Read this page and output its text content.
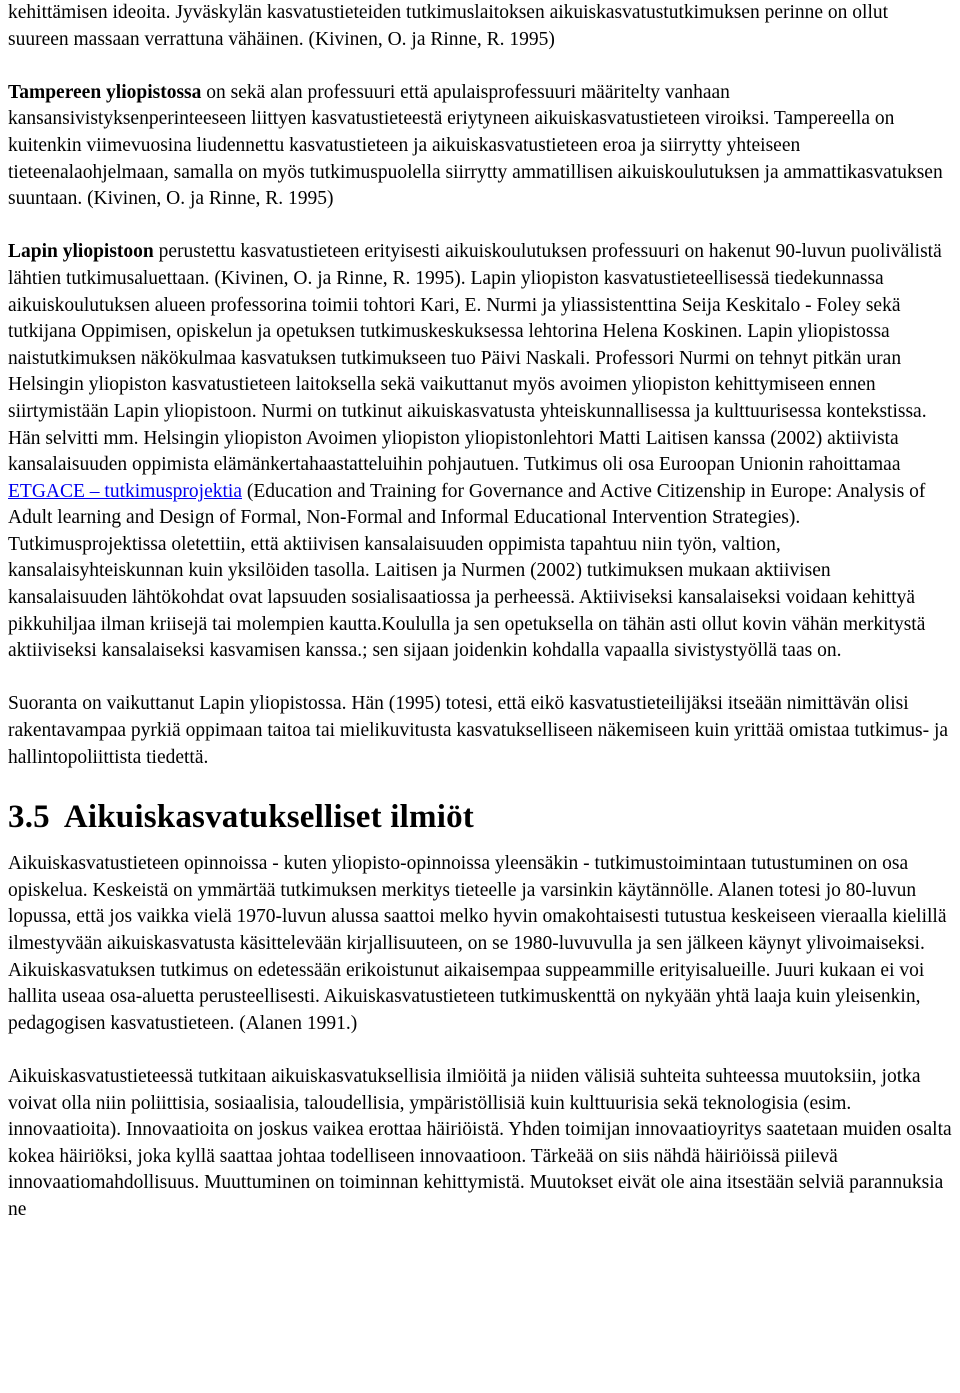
kehittämisen ideoita. Jyväskylän kasvatustieteiden tutkimuslaitoksen aikuiskasvatustutkimuksen perinne on ollut suureen massaan verrattuna vähäinen. (Kivinen, O. ja Rinne, R. 1995)

Tampereen yliopistossa on sekä alan professuuri että apulaisprofessuuri määritelty vanhaan kansansivistyksenperinteeseen liittyen kasvatustieteestä eriytyneen aikuiskasvatustieteen viroiksi. Tampereella on kuitenkin viimevuosina liudennettu kasvatustieteen ja aikuiskasvatustieteen eroa ja siirrytty yhteiseen tieteenalaohjelmaan, samalla on myös tutkimuspuolella siirrytty ammatillisen aikuiskoulutuksen ja ammattikasvatuksen suuntaan. (Kivinen, O. ja Rinne, R. 1995)

Lapin yliopistoon perustettu kasvatustieteen erityisesti aikuiskoulutuksen professuuri on hakenut 90-luvun puolivälistä lähtien tutkimusaluettaan. (Kivinen, O. ja Rinne, R. 1995). Lapin yliopiston kasvatustieteellisessä tiedekunnassa aikuiskoulutuksen alueen professorina toimii tohtori Kari, E. Nurmi ja yliassistenttina Seija Keskitalo - Foley sekä tutkijana Oppimisen, opiskelun ja opetuksen tutkimuskeskuksessa lehtorina Helena Koskinen. Lapin yliopistossa naistutkimuksen näkökulmaa kasvatuksen tutkimukseen tuo Päivi Naskali. Professori Nurmi on tehnyt pitkän uran Helsingin yliopiston kasvatustieteen laitoksella sekä vaikuttanut myös avoimen yliopiston kehittymiseen ennen siirtymistään Lapin yliopistoon. Nurmi on tutkinut aikuiskasvatusta yhteiskunnallisessa ja kulttuurisessa kontekstissa. Hän selvitti mm. Helsingin yliopiston Avoimen yliopiston yliopistonlehtori Matti Laitisen kanssa (2002) aktiivista kansalaisuuden oppimista elämänkertahaastatteluihin pohjautuen. Tutkimus oli osa Euroopan Unionin rahoittamaa ETGACE – tutkimusprojektia (Education and Training for Governance and Active Citizenship in Europe: Analysis of Adult learning and Design of Formal, Non-Formal and Informal Educational Intervention Strategies). Tutkimusprojektissa oletettiin, että aktiivisen kansalaisuuden oppimista tapahtuu niin työn, valtion, kansalaisyhteiskunnan kuin yksilöiden tasolla. Laitisen ja Nurmen (2002) tutkimuksen mukaan aktiivisen kansalaisuuden lähtökohdat ovat lapsuuden sosialisaatiossa ja perheessä. Aktiiviseksi kansalaiseksi voidaan kehittyä pikkuhiljaa ilman kriisejä tai molempien kautta.Koululla ja sen opetuksella on tähän asti ollut kovin vähän merkitystä aktiiviseksi kansalaiseksi kasvamisen kanssa.; sen sijaan joidenkin kohdalla vapaalla sivistystyöllä taas on.

Suoranta on vaikuttanut Lapin yliopistossa. Hän (1995) totesi, että eikö kasvatustieteilijäksi itseään nimittävän olisi rakentavampaa pyrkiä oppimaan taitoa tai mielikuvitusta kasvatukselliseen näkemiseen kuin yrittää omistaa tutkimus- ja hallintopoliittista tiedettä.

3.5 Aikuiskasvatukselliset ilmiöt

Aikuiskasvatustieteen opinnoissa - kuten yliopisto-opinnoissa yleensäkin - tutkimustoimintaan tutustuminen on osa opiskelua. Keskeistä on ymmärtää tutkimuksen merkitys tieteelle ja varsinkin käytännölle. Alanen totesi jo 80-luvun lopussa, että jos vaikka vielä 1970-luvun alussa saattoi melko hyvin omakohtaisesti tutustua keskeiseen vieraalla kielillä ilmestyvään aikuiskasvatusta käsittelevään kirjallisuuteen, on se 1980-luvuvulla ja sen jälkeen käynyt ylivoimaiseksi. Aikuiskasvatuksen tutkimus on edetessään erikoistunut aikaisempaa suppeammille erityisalueille. Juuri kukaan ei voi hallita useaa osa-aluetta perusteellisesti. Aikuiskasvatustieteen tutkimuskenttä on nykyään yhtä laaja kuin yleisenkin, pedagogisen kasvatustieteen. (Alanen 1991.)

Aikuiskasvatustieteessä tutkitaan aikuiskasvatuksellisia ilmiöitä ja niiden välisiä suhteita suhteessa muutoksiin, jotka voivat olla niin poliittisia, sosiaalisia, taloudellisia, ympäristöllisiä kuin kulttuurisia sekä teknologisia (esim. innovaatioita). Innovaatioita on joskus vaikea erottaa häiriöistä. Yhden toimijan innovaatioyritys saatetaan muiden osalta kokea häiriöksi, joka kyllä saattaa johtaa todelliseen innovaatioon. Tärkeää on siis nähdä häiriöissä piilevä innovaatiomahdollisuus. Muuttuminen on toiminnan kehittymistä. Muutokset eivät ole aina itsestään selviä parannuksia ne
